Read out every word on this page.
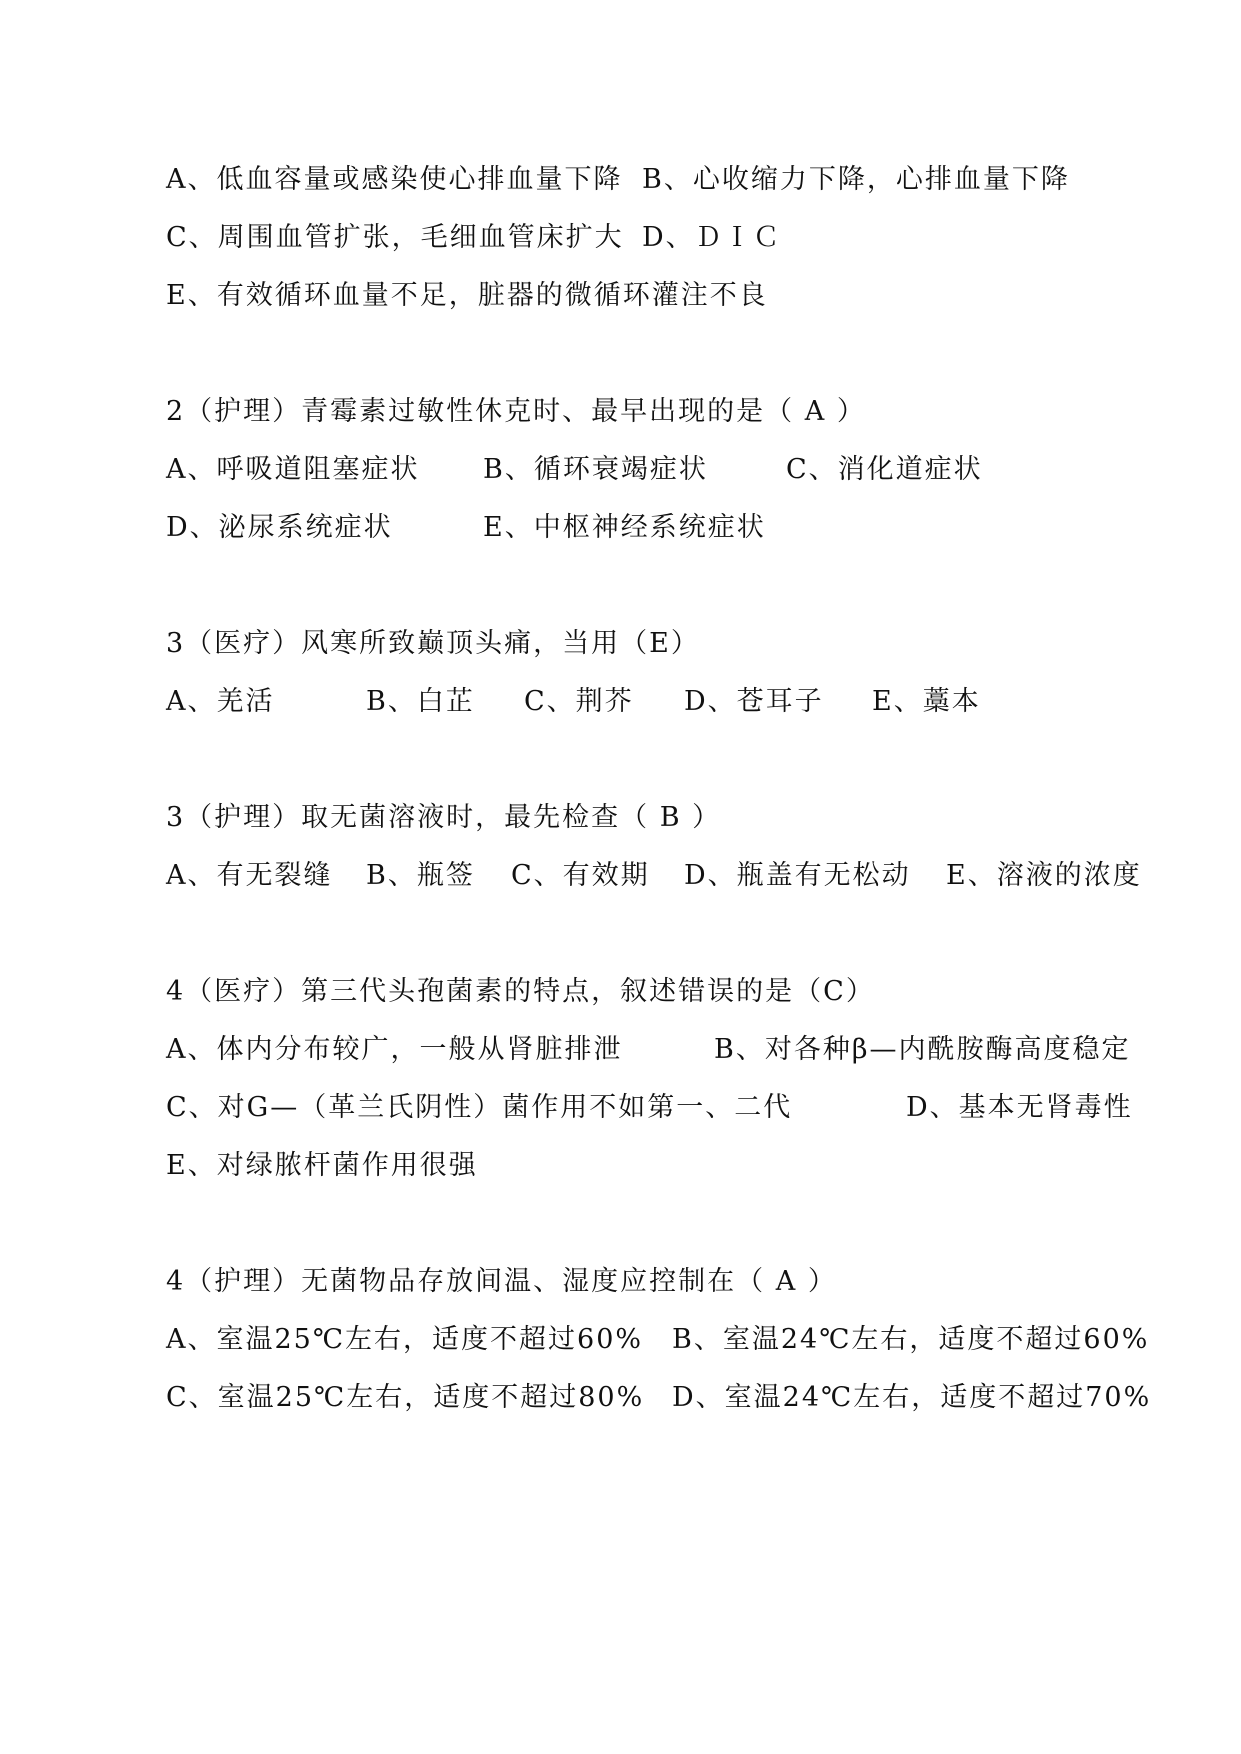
A、低血容量或感染使心排血量下降 B、心收缩力下降，心排血量下降
C、周围血管扩张，毛细血管床扩大 D、ＤＩＣ
E、有效循环血量不足，脏器的微循环灌注不良
2（护理）青霉素过敏性休克时、最早出现的是（ A ）
A、呼吸道阻塞症状 B、循环衰竭症状	C、消化道症状
D、泌尿系统症状	E、中枢神经系统症状
3（医疗）风寒所致巅顶头痛，当用（E）
A、羌活	B、白芷 C、荆芥 D、苍耳子 E、藁本
3（护理）取无菌溶液时，最先检查（ B ）
A、有无裂缝 B、瓶签 C、有效期 D、瓶盖有无松动 E、溶液的浓度
4（医疗）第三代头孢菌素的特点，叙述错误的是（C）
A、体内分布较广，一般从肾脏排泄	B、对各种β—内酰胺酶高度稳定
C、对G—（革兰氏阴性）菌作用不如第一、二代	D、基本无肾毒性
E、对绿脓杆菌作用很强
4（护理）无菌物品存放间温、湿度应控制在（ A ）
A、室温25℃左右，适度不超过60% B、室温24℃左右，适度不超过60%
C、室温25℃左右，适度不超过80% D、室温24℃左右，适度不超过70%
